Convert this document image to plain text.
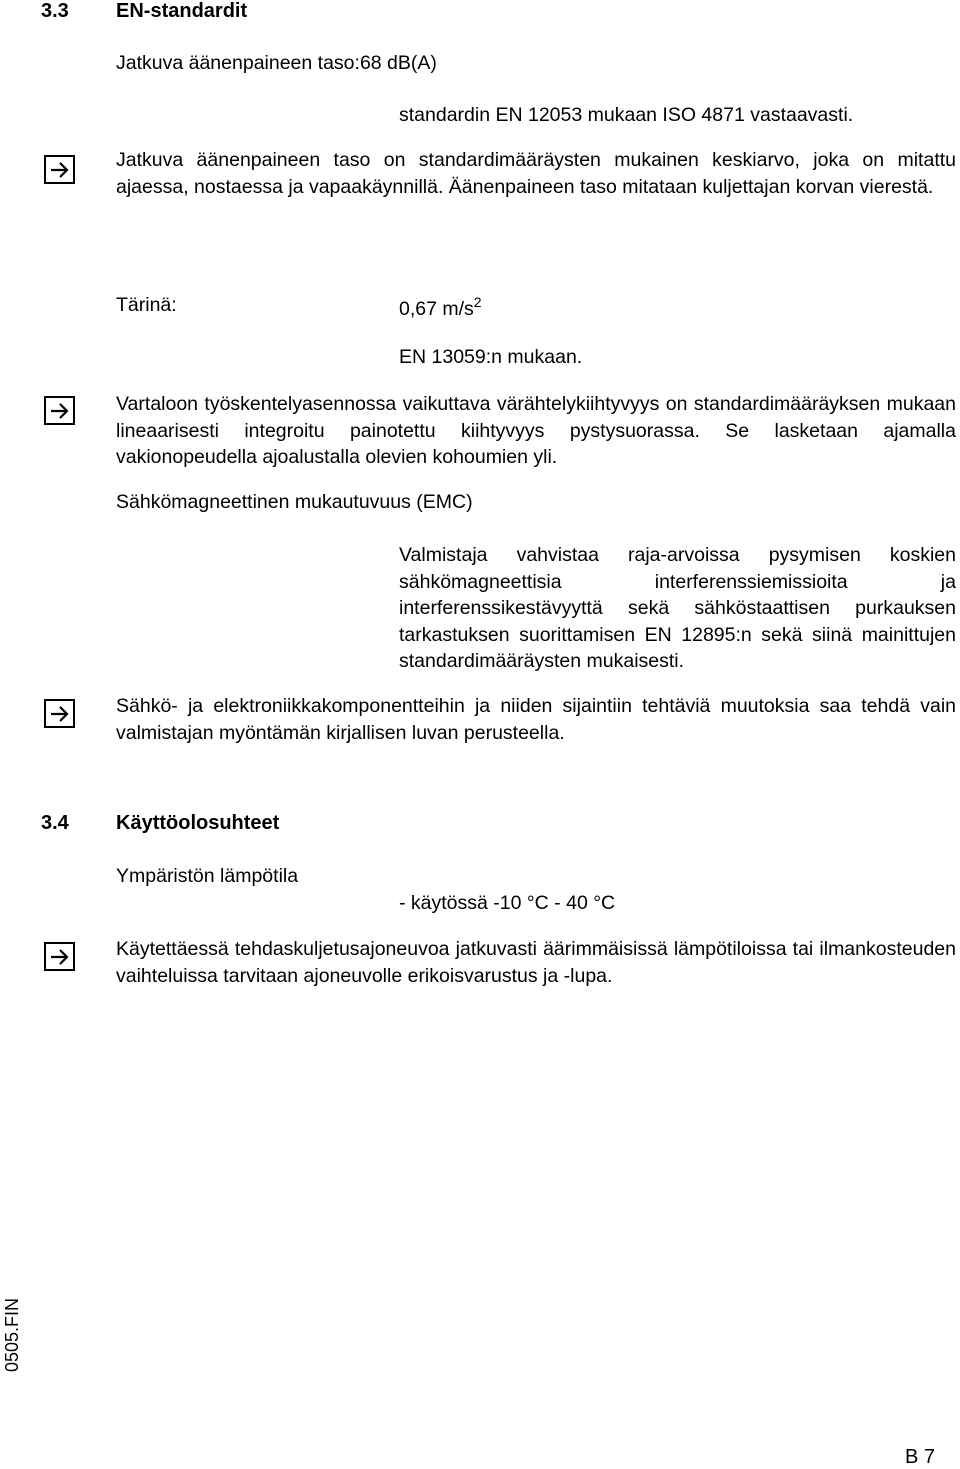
3.3 EN-standardit
Jatkuva äänenpaineen taso:68 dB(A)
standardin EN 12053 mukaan ISO 4871 vastaavasti.
Jatkuva äänenpaineen taso on standardimääräysten mukainen keskiarvo, joka on mitattu ajaessa, nostaessa ja vapaakäynnillä. Äänenpaineen taso mitataan kuljettajan korvan vierestä.
Tärinä:	0,67 $m/s^2$
EN 13059:n mukaan.
Vartaloon työskentelyasennossa vaikuttava värähtelykiihtyvyys on standardimääräyksen mukaan lineaarisesti integroitu painotettu kiihtyvyys pystysuorassa. Se lasketaan ajamalla vakionopeudella ajoalustalla olevien kohoumien yli.
Sähkömagneettinen mukautuvuus (EMC)
Valmistaja vahvistaa raja-arvoissa pysymisen koskien sähkömagneettisia interferenssiemissioita ja interferenssikestävyyttä sekä sähköstaattisen purkauksen tarkastuksen suorittamisen EN 12895:n sekä siinä mainittujen standardimääräysten mukaisesti.
Sähkö- ja elektroniikkakomponentteihin ja niiden sijaintiin tehtäviä muutoksia saa tehdä vain valmistajan myöntämän kirjallisen luvan perusteella.
3.4 Käyttöolosuhteet
Ympäristön lämpötila
- käytössä -10 °C - 40 °C
Käytettäessä tehdaskuljetusajoneuvoa jatkuvasti äärimmäisissä lämpötiloissa tai ilmankosteuden vaihteluissa tarvitaan ajoneuvolle erikoisvarustus ja -lupa.
0505.FIN
B 7
